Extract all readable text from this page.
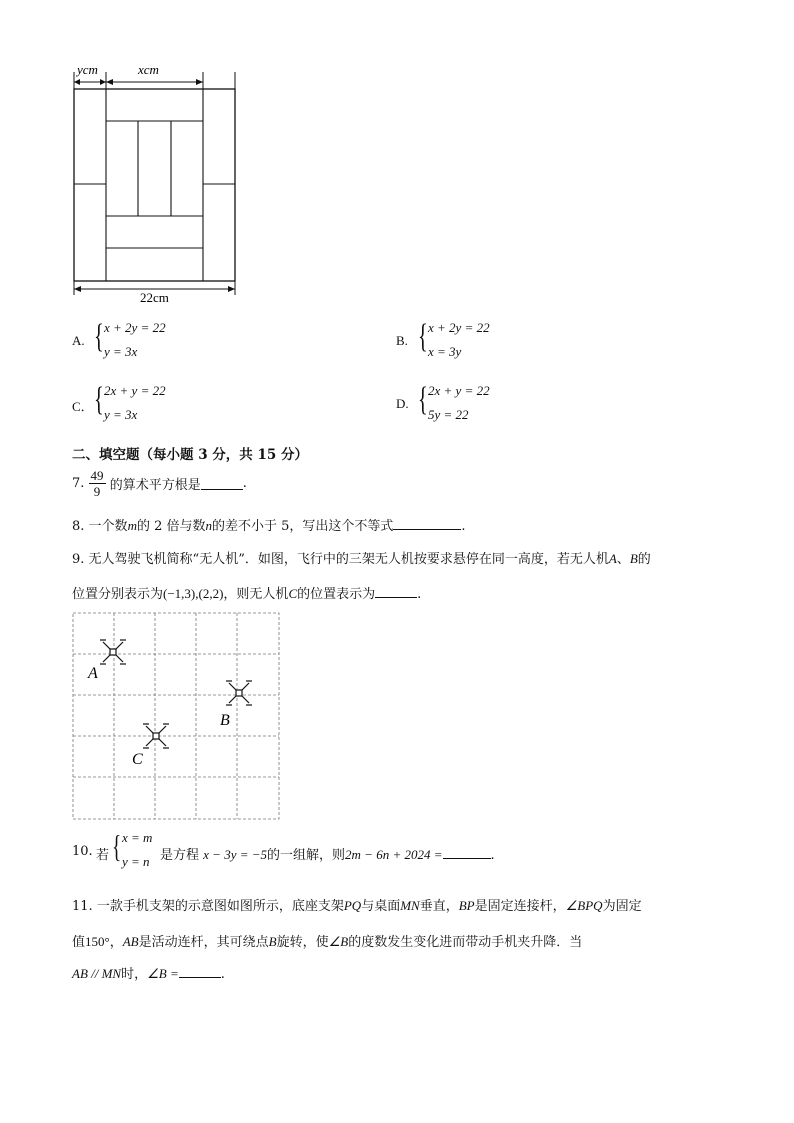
ycm	xcm
22cm
A. { x + 2y = 22
y = 3x
B. { x + 2y = 22
x = 3y
C． { 2x + y = 22
y = 3x
D. { 2x + y = 22
5y = 22
二、填空题（每小题 3 分，共 15 分）
7. $\frac{49}{9}$ 的算术平方根是	.
8. 一个数m的 2 倍与数n的差不小于 5，写出这个不等式	.
9. 无人驾驶飞机简称“无人机”．如图，飞行中的三架无人机按要求悬停在同一高度，若无人机A、B的
位置分别表示为(−1,3),(2,2)，则无人机C的位置表示为	.
A
B
C
10. 若 { x = m
y = n 是方程 x − 3y = −5的一组解，则2m − 6n + 2024 =	.
11. 一款手机支架的示意图如图所示，底座支架PQ与桌面MN垂直，BP是固定连接杆，∠BPQ为固定
值150°，AB是活动连杆，其可绕点B旋转，使∠B的度数发生变化进而带动手机夹升降．当
AB // MN时，∠B =	.
